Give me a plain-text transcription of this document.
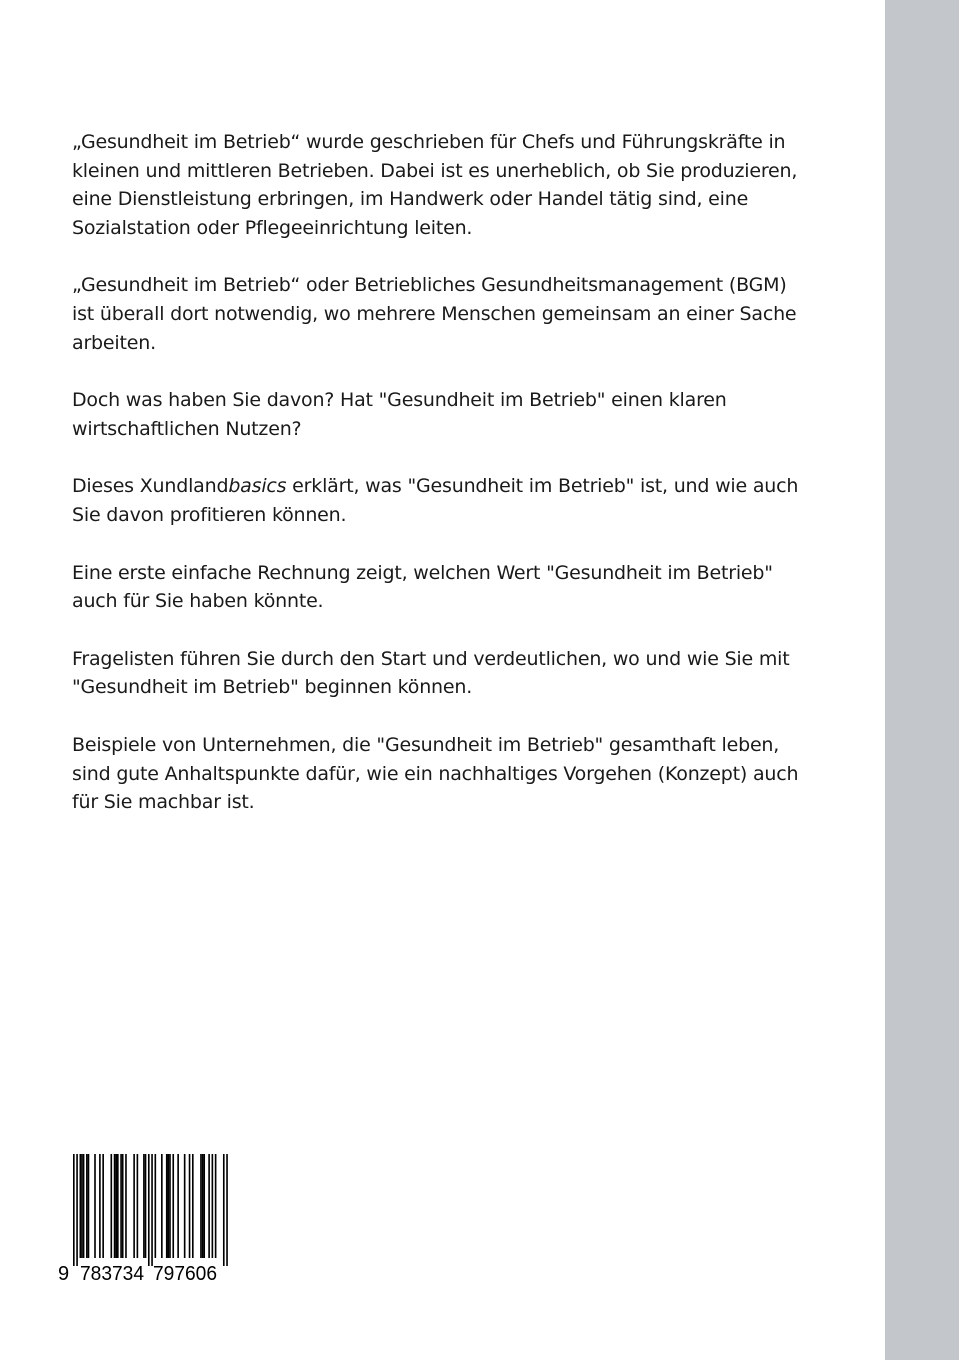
„Gesundheit im Betrieb“ wurde geschrieben für Chefs und Führungskräfte in
kleinen und mittleren Betrieben. Dabei ist es unerheblich, ob Sie produzieren,
eine Dienstleistung erbringen, im Handwerk oder Handel tätig sind, eine
Sozialstation oder Pflegeeinrichtung leiten.

„Gesundheit im Betrieb“ oder Betriebliches Gesundheitsmanagement (BGM)
ist überall dort notwendig, wo mehrere Menschen gemeinsam an einer Sache
arbeiten.

Doch was haben Sie davon? Hat "Gesundheit im Betrieb" einen klaren
wirtschaftlichen Nutzen?

Dieses Xundlandbasics erklärt, was "Gesundheit im Betrieb" ist, und wie auch
Sie davon profitieren können.

Eine erste einfache Rechnung zeigt, welchen Wert "Gesundheit im Betrieb"
auch für Sie haben könnte.

Fragelisten führen Sie durch den Start und verdeutlichen, wo und wie Sie mit
"Gesundheit im Betrieb" beginnen können.

Beispiele von Unternehmen, die "Gesundheit im Betrieb" gesamthaft leben,
sind gute Anhaltspunkte dafür, wie ein nachhaltiges Vorgehen (Konzept) auch
für Sie machbar ist.

9 783734 797606
